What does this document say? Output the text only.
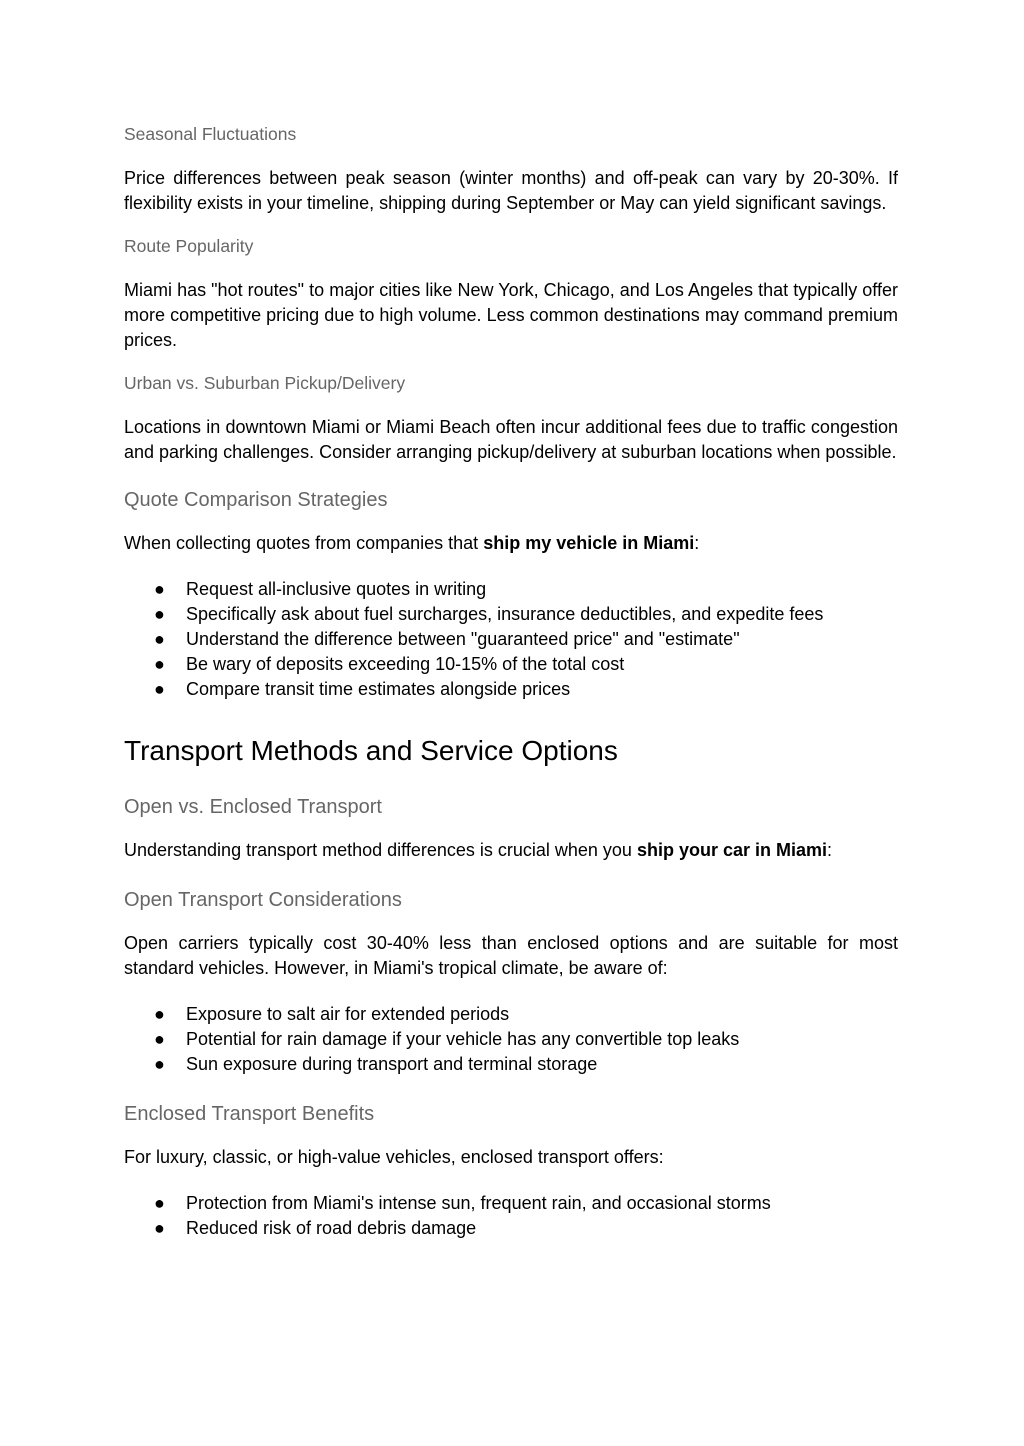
Seasonal Fluctuations

Price differences between peak season (winter months) and off-peak can vary by 20-30%. If flexibility exists in your timeline, shipping during September or May can yield significant savings.

Route Popularity

Miami has "hot routes" to major cities like New York, Chicago, and Los Angeles that typically offer more competitive pricing due to high volume. Less common destinations may command premium prices.

Urban vs. Suburban Pickup/Delivery

Locations in downtown Miami or Miami Beach often incur additional fees due to traffic congestion and parking challenges. Consider arranging pickup/delivery at suburban locations when possible.

Quote Comparison Strategies

When collecting quotes from companies that ship my vehicle in Miami:

● Request all-inclusive quotes in writing
● Specifically ask about fuel surcharges, insurance deductibles, and expedite fees
● Understand the difference between "guaranteed price" and "estimate"
● Be wary of deposits exceeding 10-15% of the total cost
● Compare transit time estimates alongside prices
Transport Methods and Service Options
Open vs. Enclosed Transport

Understanding transport method differences is crucial when you ship your car in Miami:

Open Transport Considerations

Open carriers typically cost 30-40% less than enclosed options and are suitable for most standard vehicles. However, in Miami's tropical climate, be aware of:

● Exposure to salt air for extended periods
● Potential for rain damage if your vehicle has any convertible top leaks
● Sun exposure during transport and terminal storage
Enclosed Transport Benefits

For luxury, classic, or high-value vehicles, enclosed transport offers:

● Protection from Miami's intense sun, frequent rain, and occasional storms
● Reduced risk of road debris damage
